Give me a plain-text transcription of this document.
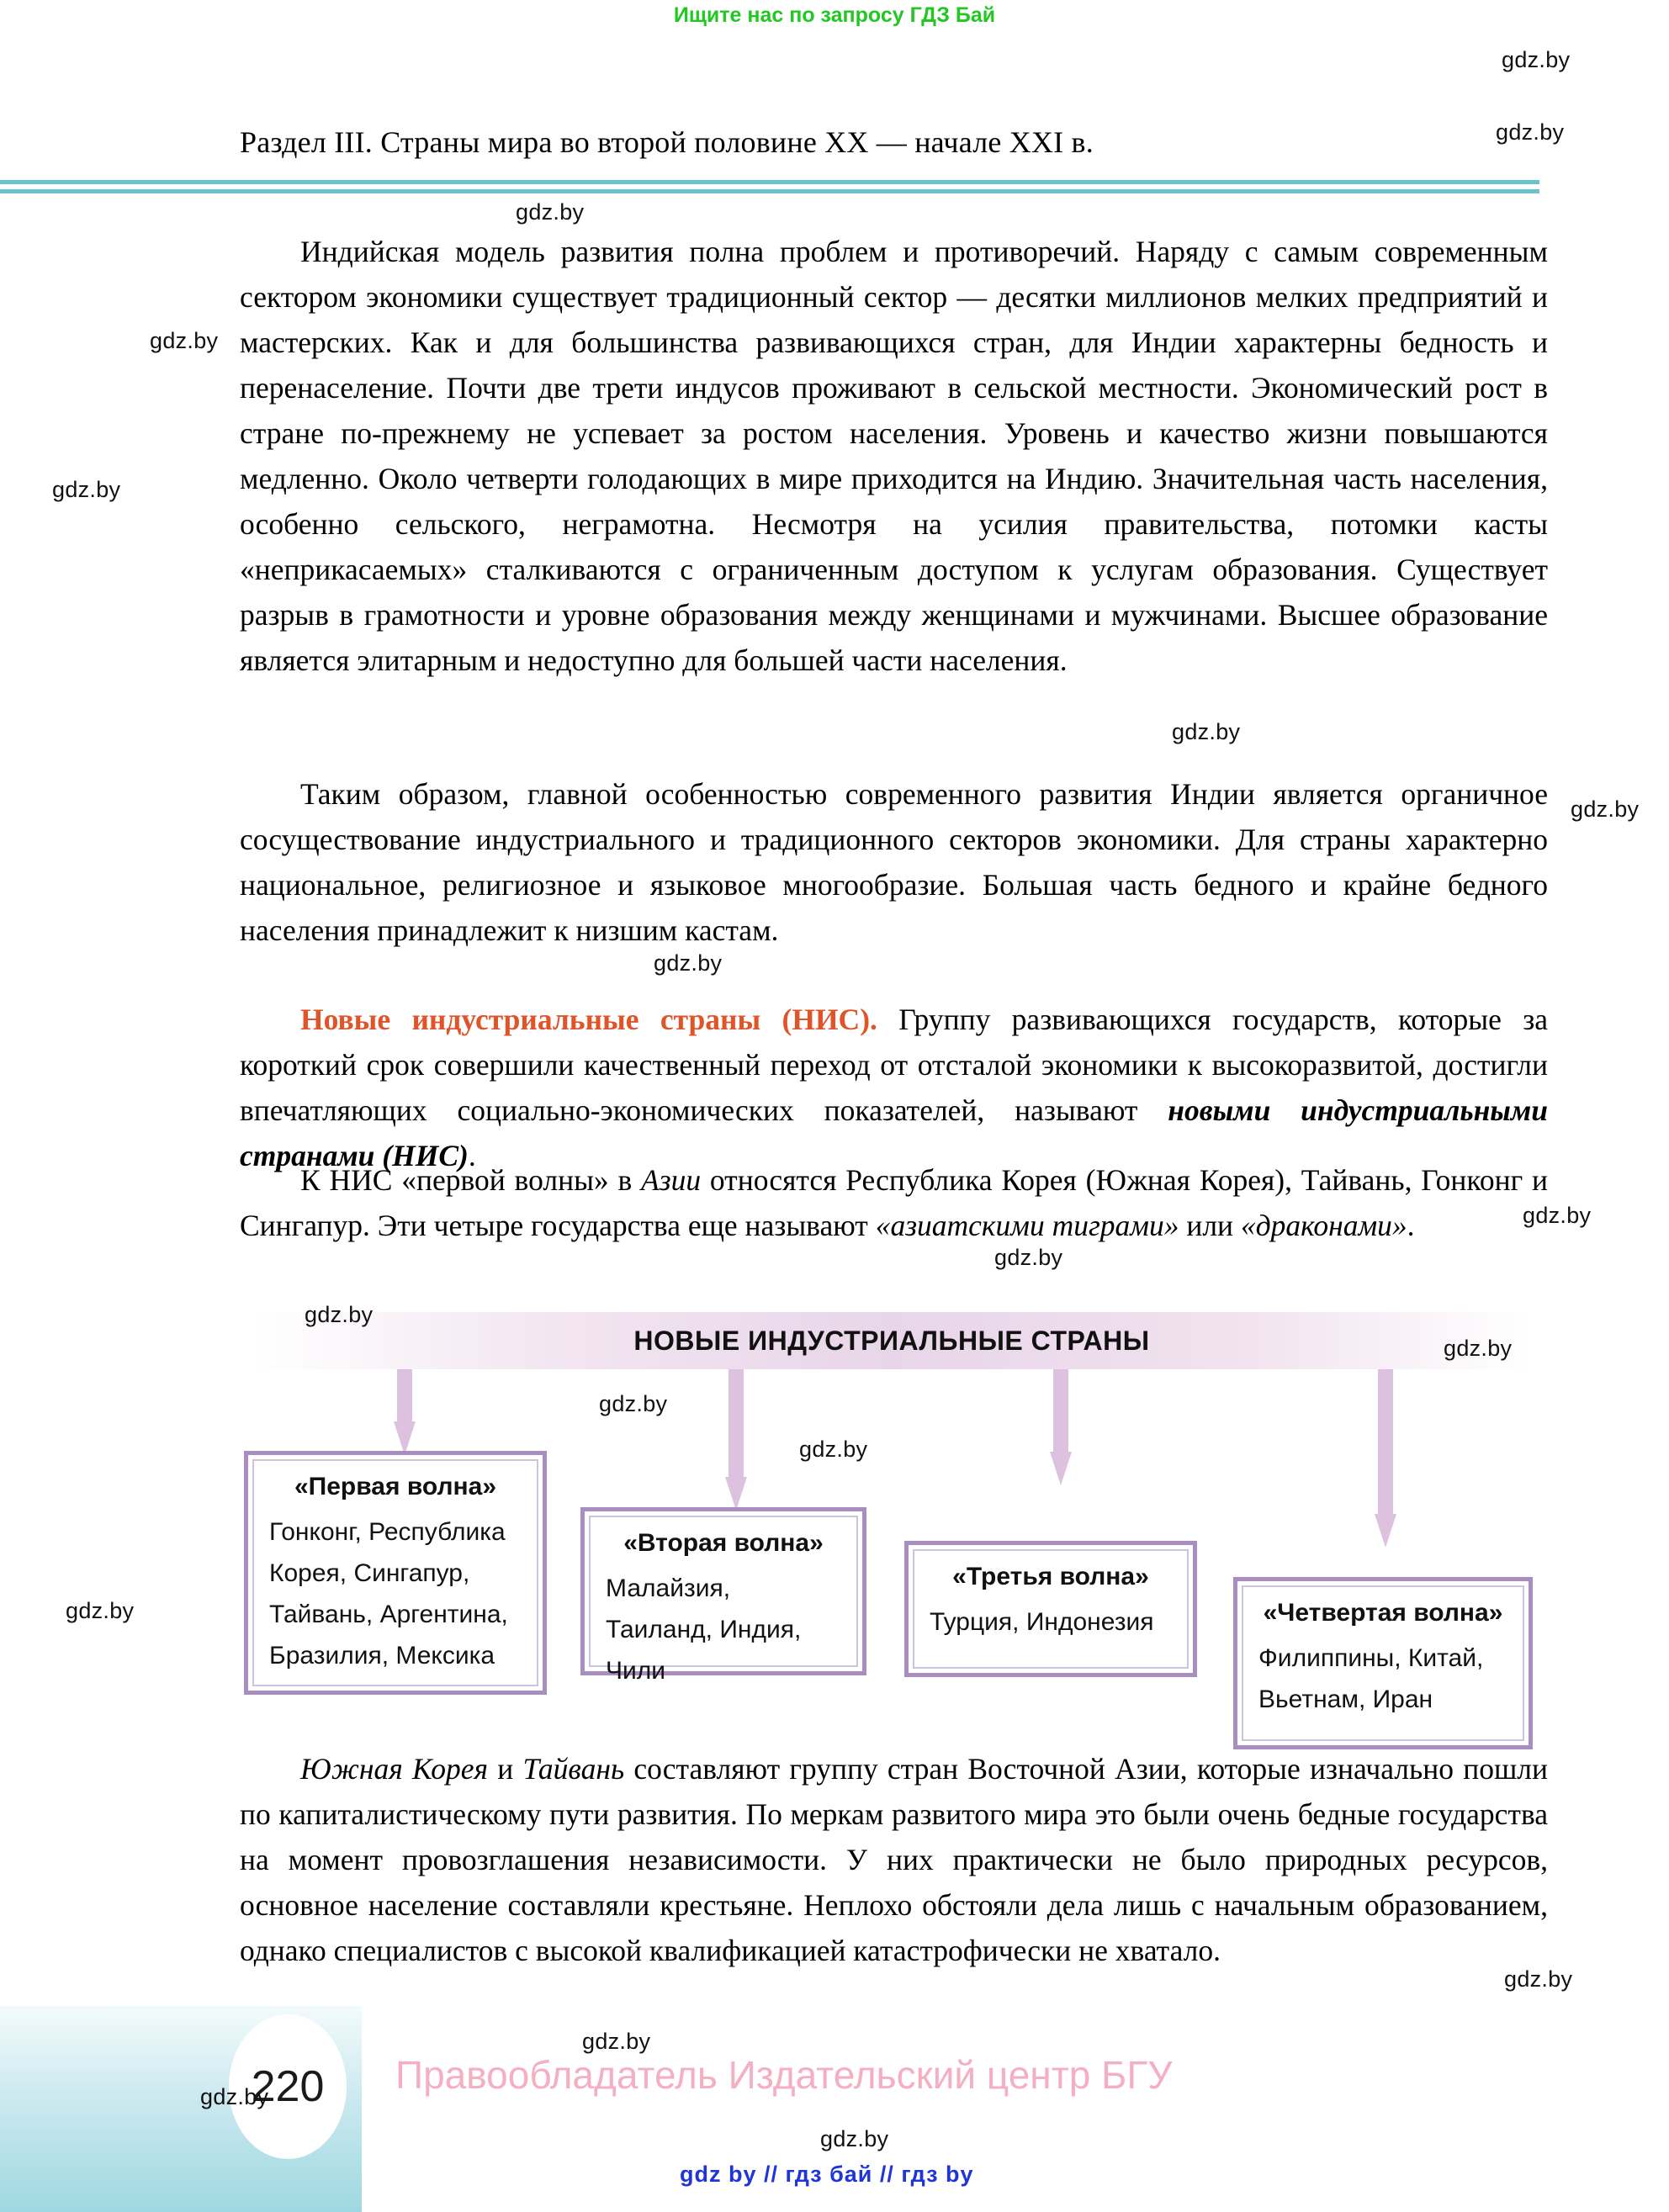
Ищите нас по запросу ГДЗ Бай
Раздел III. Страны мира во второй половине XX — начале XXI в.

Индийская модель развития полна проблем и противоречий. Наряду с самым современным сектором экономики существует традиционный сектор — десятки миллионов мелких предприятий и мастерских. Как и для большинства развивающихся стран, для Индии характерны бедность и перенаселение. Почти две трети индусов проживают в сельской местности. Экономический рост в стране по-прежнему не успевает за ростом населения. Уровень и качество жизни повышаются медленно. Около четверти голодающих в мире приходится на Индию. Значительная часть населения, особенно сельского, неграмотна. Несмотря на усилия правительства, потомки касты «неприкасаемых» сталкиваются с ограниченным доступом к услугам образования. Существует разрыв в грамотности и уровне образования между женщинами и мужчинами. Высшее образование является элитарным и недоступно для большей части населения.

Таким образом, главной особенностью современного развития Индии является органичное сосуществование индустриального и традиционного секторов экономики. Для страны характерно национальное, религиозное и языковое многообразие. Большая часть бедного и крайне бедного населения принадлежит к низшим кастам.

Новые индустриальные страны (НИС). Группу развивающихся государств, которые за короткий срок совершили качественный переход от отсталой экономики к высокоразвитой, достигли впечатляющих социально-экономических показателей, называют новыми индустриальными странами (НИС).

К НИС «первой волны» в Азии относятся Республика Корея (Южная Корея), Тайвань, Гонконг и Сингапур. Эти четыре государства еще называют «азиатскими тиграми» или «драконами».

НОВЫЕ ИНДУСТРИАЛЬНЫЕ СТРАНЫ
«Первая волна»
Гонконг, Республика Корея, Сингапур, Тайвань, Аргентина, Бразилия, Мексика
«Вторая волна»
Малайзия, Таиланд, Индия, Чили
«Третья волна»
Турция, Индонезия	«Четвертая волна»
Филиппины, Китай, Вьетнам, Иран

Южная Корея и Тайвань составляют группу стран Восточной Азии, которые изначально пошли по капиталистическому пути развития. По меркам развитого мира это были очень бедные государства на момент провозглашения независимости. У них практически не было природных ресурсов, основное население составляли крестьяне. Неплохо обстояли дела лишь с начальным образованием, однако специалистов с высокой квалификацией катастрофически не хватало.

220	Правообладатель Издательский центр БГУ
gdz by // гдз бай // гдз by
gdz.by
gdz.by
gdz.by
gdz.by
gdz.by
gdz.by
gdz.by
gdz.by
gdz.by
gdz.by
gdz.by
gdz.by
gdz.by
gdz.by
gdz.by
gdz.by
gdz.by
gdz.by
gdz.by
